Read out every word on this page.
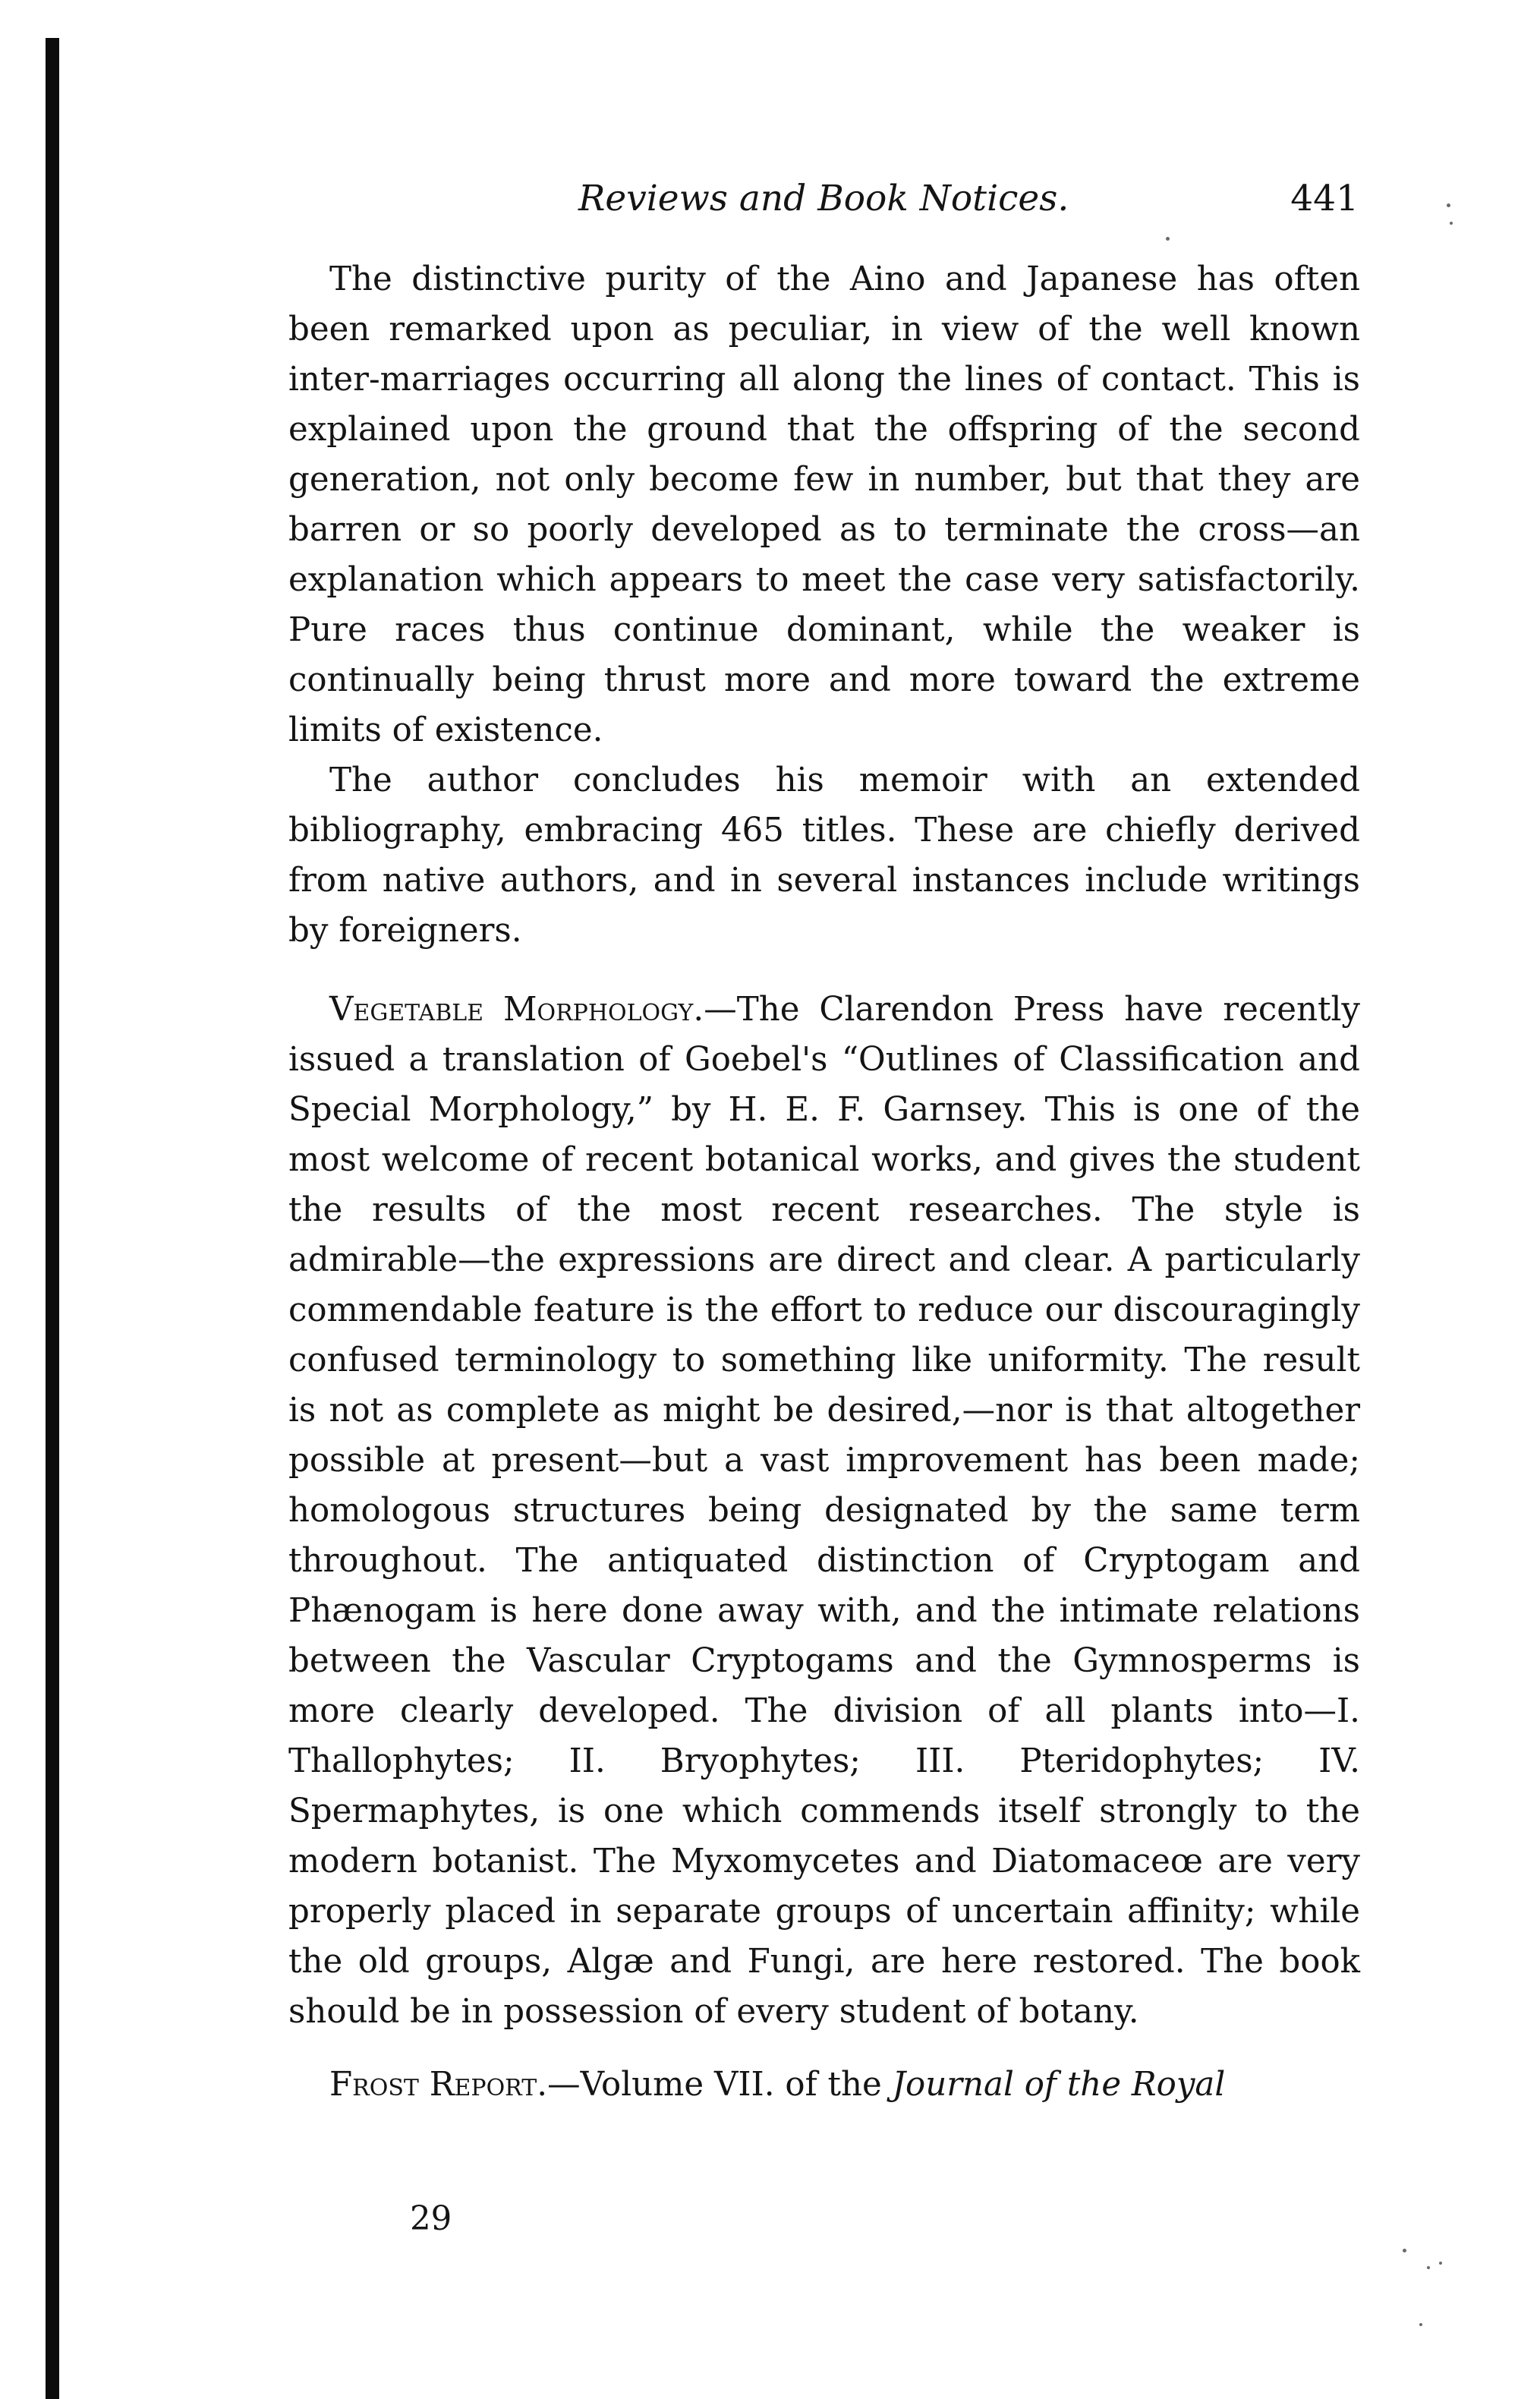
Reviews and Book Notices.	441

The distinctive purity of the Aino and Japanese has often been remarked upon as peculiar, in view of the well known inter-marriages occurring all along the lines of contact. This is explained upon the ground that the offspring of the second generation, not only become few in number, but that they are barren or so poorly developed as to terminate the cross—an explanation which appears to meet the case very satisfactorily. Pure races thus continue dominant, while the weaker is continually being thrust more and more toward the extreme limits of existence.

The author concludes his memoir with an extended bibliography, embracing 465 titles. These are chiefly derived from native authors, and in several instances include writings by foreigners.

Vegetable Morphology.—The Clarendon Press have recently issued a translation of Goebel's “Outlines of Classification and Special Morphology,” by H. E. F. Garnsey. This is one of the most welcome of recent botanical works, and gives the student the results of the most recent researches. The style is admirable—the expressions are direct and clear. A particularly commendable feature is the effort to reduce our discouragingly confused terminology to something like uniformity. The result is not as complete as might be desired,—nor is that altogether possible at present—but a vast improvement has been made; homologous structures being designated by the same term throughout. The antiquated distinction of Cryptogam and Phænogam is here done away with, and the intimate relations between the Vascular Cryptogams and the Gymnosperms is more clearly developed. The division of all plants into—I. Thallophytes; II. Bryophytes; III. Pteridophytes; IV. Spermaphytes, is one which commends itself strongly to the modern botanist. The Myxomycetes and Diatomaceœ are very properly placed in separate groups of uncertain affinity; while the old groups, Algæ and Fungi, are here restored. The book should be in possession of every student of botany.

Frost Report.—Volume VII. of the Journal of the Royal

29
